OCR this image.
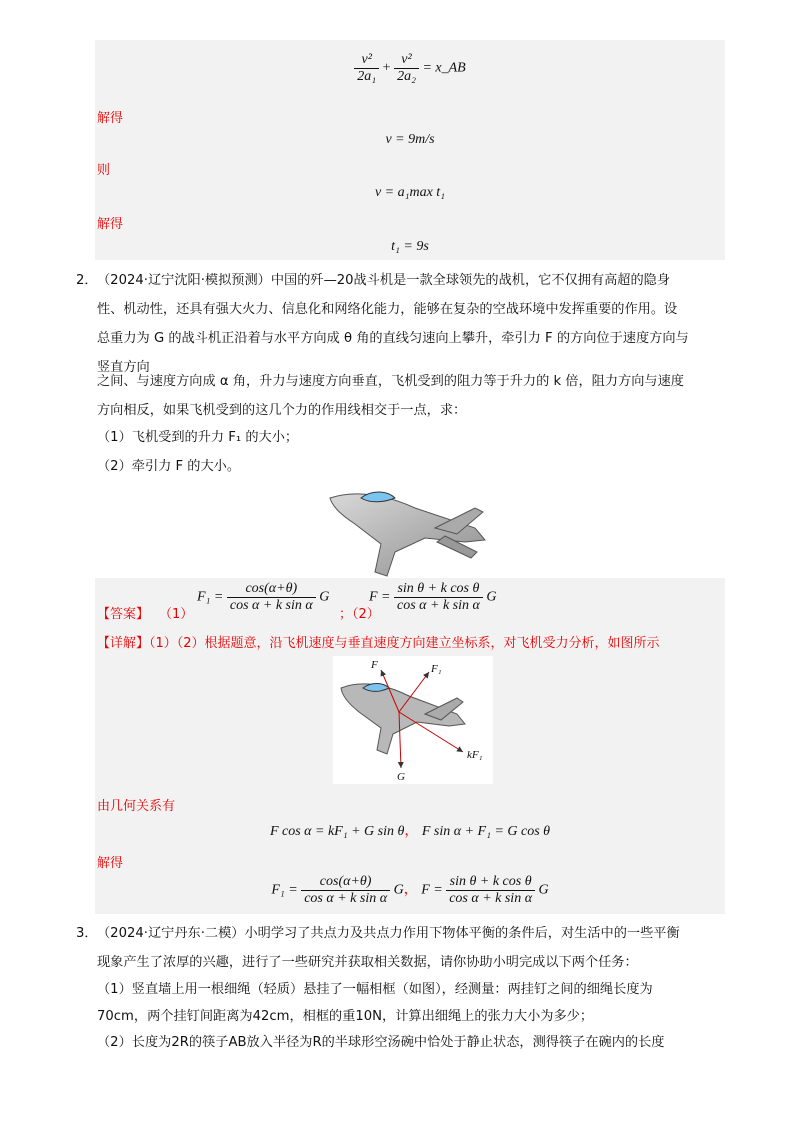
$\frac{\text{v²}}{\text{2a₁}} + \frac{\text{v²}}{\text{2a₂}}$ = x_AB
解得
v = 9m/s
则
v = a₁max t₁
解得
t₁ = 9s
2． （2024·辽宁沈阳·模拟预测）中国的歼—20战斗机是一款全球领先的战机，它不仅拥有高超的隐身
性、机动性，还具有强大火力、信息化和网络化能力，能够在复杂的空战环境中发挥重要的作用。设
总重力为 G 的战斗机正沿着与水平方向成 θ 角的直线匀速向上攀升，牵引力 F 的方向位于速度方向与
竖直方向
之间、与速度方向成 α 角，升力与速度方向垂直，飞机受到的阻力等于升力的 k 倍，阻力方向与速度
方向相反，如果飞机受到的这几个力的作用线相交于一点，求：
（1）飞机受到的升力 F₁ 的大小；
（2）牵引力 F 的大小。
【答案】 （1）
$F_1 = \frac{\cos(\alpha+\theta)}{\text{cos α + k sin α}}$ G
；（2）
$F = \frac{\text{sin θ + k cos θ}}{\text{cos α + k sin α}}$ G
【详解】（1）（2）根据题意，沿飞机速度与垂直速度方向建立坐标系，对飞机受力分析，如图所示
F	F₁
G
kF₁
由几何关系有
F cos α = kF₁ + G sin θ， F sin α + F₁ = G cos θ
解得
$F_1 = \frac{\cos(\alpha+\theta)}{\text{cos α + k sin α}}$ G， $F = \frac{\text{sin θ + k cos θ}}{\text{cos α + k sin α}}$ G
3． （2024·辽宁丹东·二模）小明学习了共点力及共点力作用下物体平衡的条件后，对生活中的一些平衡
现象产生了浓厚的兴趣，进行了一些研究并获取相关数据，请你协助小明完成以下两个任务：
（1）竖直墙上用一根细绳（轻质）悬挂了一幅相框（如图），经测量：两挂钉之间的细绳长度为
70cm，两个挂钉间距离为42cm，相框的重10N，计算出细绳上的张力大小为多少；
（2）长度为2R的筷子AB放入半径为R的半球形空汤碗中恰处于静止状态，测得筷子在碗内的长度
